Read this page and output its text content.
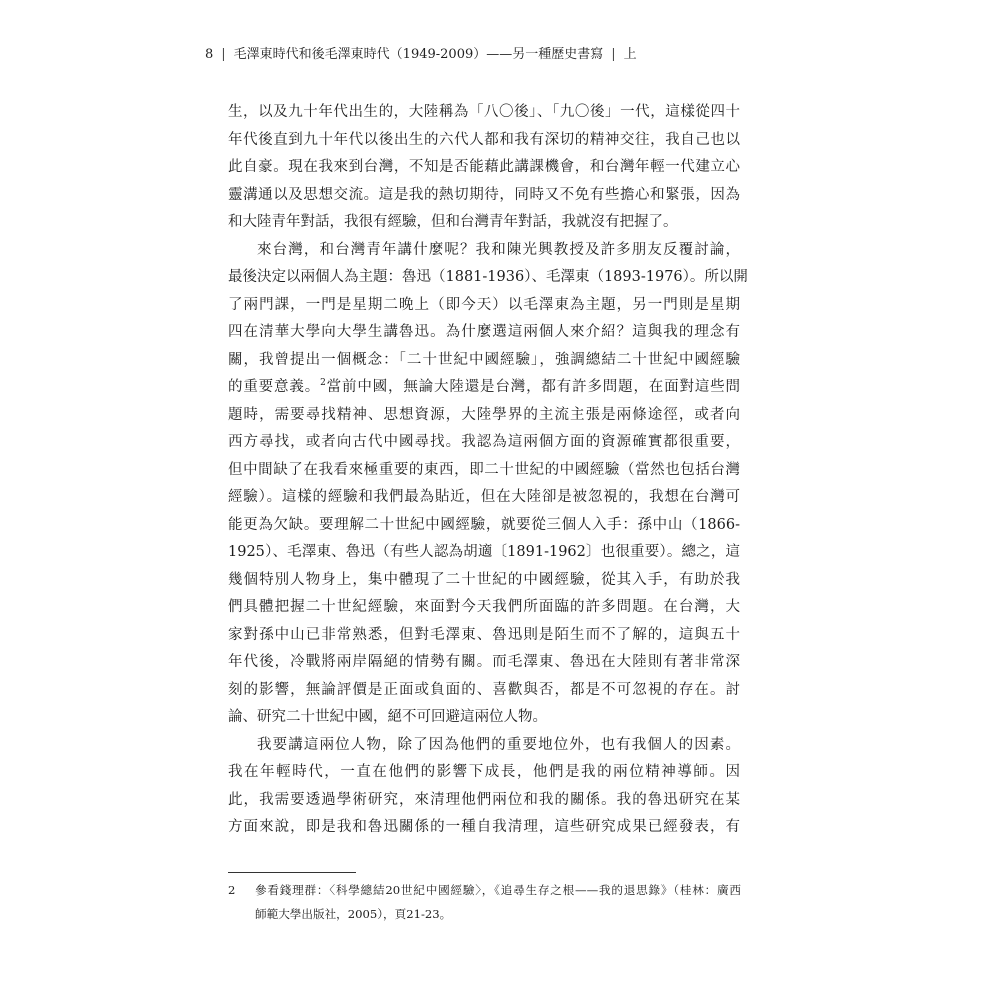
8 | 毛澤東時代和後毛澤東時代（1949-2009）——另一種歷史書寫 | 上
生，以及九十年代出生的，大陸稱為「八〇後」、「九〇後」一代，這樣從四十
年代後直到九十年代以後出生的六代人都和我有深切的精神交往，我自己也以
此自豪。現在我來到台灣，不知是否能藉此講課機會，和台灣年輕一代建立心
靈溝通以及思想交流。這是我的熱切期待，同時又不免有些擔心和緊張，因為
和大陸青年對話，我很有經驗，但和台灣青年對話，我就沒有把握了。
來台灣，和台灣青年講什麼呢？我和陳光興教授及許多朋友反覆討論，
最後決定以兩個人為主題：魯迅（1881-1936）、毛澤東（1893-1976）。所以開
了兩門課，一門是星期二晚上（即今天）以毛澤東為主題，另一門則是星期
四在清華大學向大學生講魯迅。為什麼選這兩個人來介紹？這與我的理念有
關，我曾提出一個概念：「二十世紀中國經驗」，強調總結二十世紀中國經驗
的重要意義。$^2$當前中國，無論大陸還是台灣，都有許多問題，在面對這些問
題時，需要尋找精神、思想資源，大陸學界的主流主張是兩條途徑，或者向
西方尋找，或者向古代中國尋找。我認為這兩個方面的資源確實都很重要，
但中間缺了在我看來極重要的東西，即二十世紀的中國經驗（當然也包括台灣
經驗）。這樣的經驗和我們最為貼近，但在大陸卻是被忽視的，我想在台灣可
能更為欠缺。要理解二十世紀中國經驗，就要從三個人入手：孫中山（1866-
1925）、毛澤東、魯迅（有些人認為胡適〔1891-1962〕也很重要）。總之，這
幾個特別人物身上，集中體現了二十世紀的中國經驗，從其入手，有助於我
們具體把握二十世紀經驗，來面對今天我們所面臨的許多問題。在台灣，大
家對孫中山已非常熟悉，但對毛澤東、魯迅則是陌生而不了解的，這與五十
年代後，冷戰將兩岸隔絕的情勢有關。而毛澤東、魯迅在大陸則有著非常深
刻的影響，無論評價是正面或負面的、喜歡與否，都是不可忽視的存在。討
論、研究二十世紀中國，絕不可回避這兩位人物。
我要講這兩位人物，除了因為他們的重要地位外，也有我個人的因素。
我在年輕時代，一直在他們的影響下成長，他們是我的兩位精神導師。因
此，我需要透過學術研究，來清理他們兩位和我的關係。我的魯迅研究在某
方面來說，即是我和魯迅關係的一種自我清理，這些研究成果已經發表，有
2 參看錢理群：〈科學總結20世紀中國經驗〉，《追尋生存之根——我的退思錄》（桂林：廣西
師範大學出版社，2005），頁21-23。
